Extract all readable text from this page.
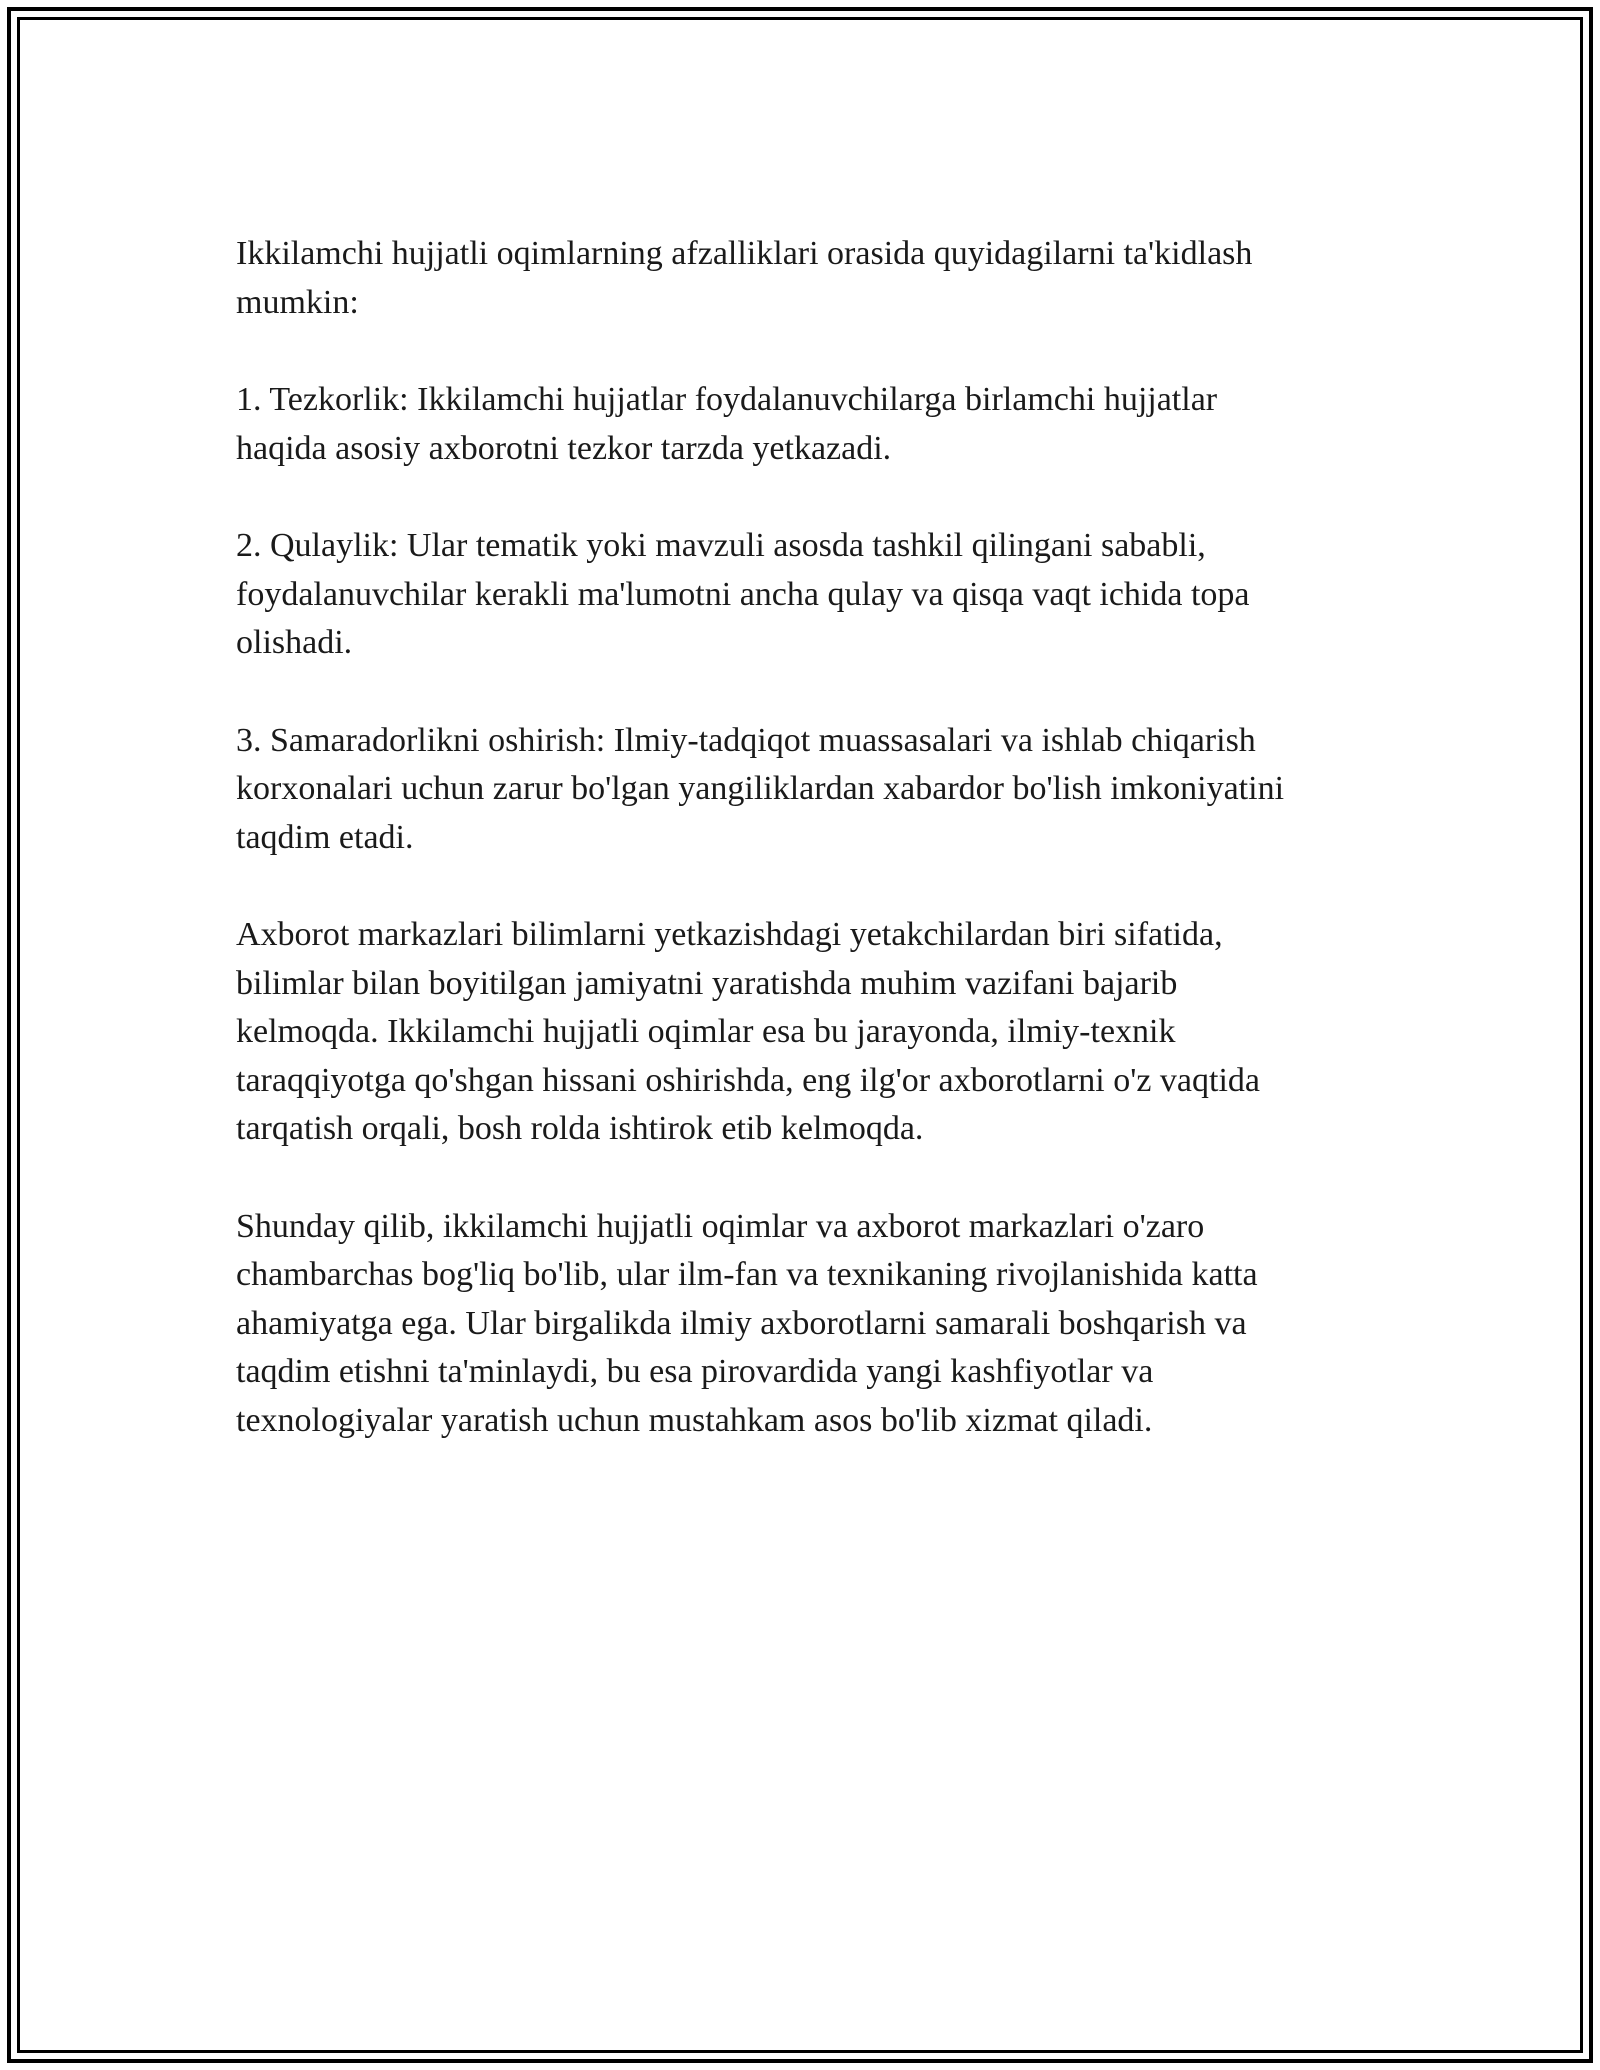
Ikkilamchi hujjatli oqimlarning afzalliklari orasida quyidagilarni ta'kidlash
mumkin:

1. Tezkorlik: Ikkilamchi hujjatlar foydalanuvchilarga birlamchi hujjatlar
haqida asosiy axborotni tezkor tarzda yetkazadi.

2. Qulaylik: Ular tematik yoki mavzuli asosda tashkil qilingani sababli,
foydalanuvchilar kerakli ma'lumotni ancha qulay va qisqa vaqt ichida topa
olishadi.

3. Samaradorlikni oshirish: Ilmiy-tadqiqot muassasalari va ishlab chiqarish
korxonalari uchun zarur bo'lgan yangiliklardan xabardor bo'lish imkoniyatini
taqdim etadi.

Axborot markazlari bilimlarni yetkazishdagi yetakchilardan biri sifatida,
bilimlar bilan boyitilgan jamiyatni yaratishda muhim vazifani bajarib
kelmoqda. Ikkilamchi hujjatli oqimlar esa bu jarayonda, ilmiy-texnik
taraqqiyotga qo'shgan hissani oshirishda, eng ilg'or axborotlarni o'z vaqtida
tarqatish orqali, bosh rolda ishtirok etib kelmoqda.

Shunday qilib, ikkilamchi hujjatli oqimlar va axborot markazlari o'zaro
chambarchas bog'liq bo'lib, ular ilm-fan va texnikaning rivojlanishida katta
ahamiyatga ega. Ular birgalikda ilmiy axborotlarni samarali boshqarish va
taqdim etishni ta'minlaydi, bu esa pirovardida yangi kashfiyotlar va
texnologiyalar yaratish uchun mustahkam asos bo'lib xizmat qiladi.
